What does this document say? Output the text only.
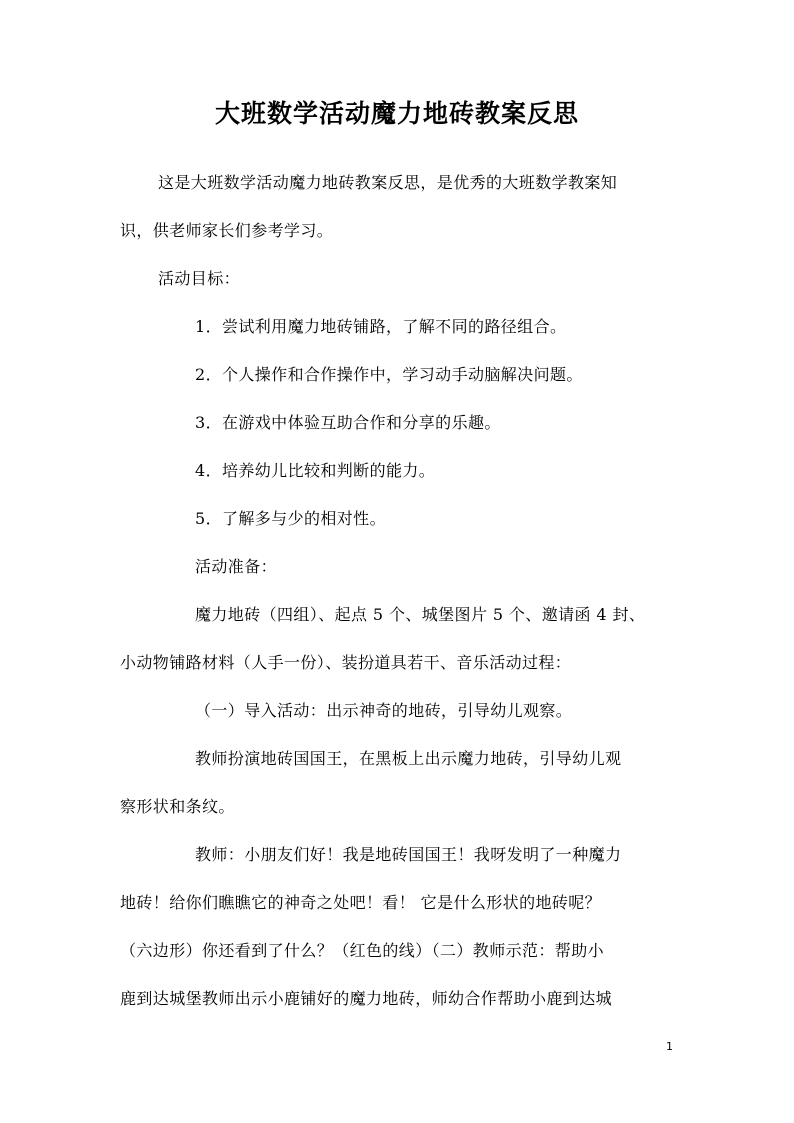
大班数学活动魔力地砖教案反思
这是大班数学活动魔力地砖教案反思，是优秀的大班数学教案知
识，供老师家长们参考学习。
活动目标：
1．尝试利用魔力地砖铺路，了解不同的路径组合。
2．个人操作和合作操作中，学习动手动脑解决问题。
3．在游戏中体验互助合作和分享的乐趣。
4．培养幼儿比较和判断的能力。
5．了解多与少的相对性。
活动准备：
魔力地砖（四组）、起点 5 个、城堡图片 5 个、邀请函 4 封、
小动物铺路材料（人手一份）、装扮道具若干、音乐活动过程：
（一）导入活动：出示神奇的地砖，引导幼儿观察。
教师扮演地砖国国王，在黑板上出示魔力地砖，引导幼儿观
察形状和条纹。
教师：小朋友们好！我是地砖国国王！我呀发明了一种魔力
地砖！给你们瞧瞧它的神奇之处吧！看！ 它是什么形状的地砖呢？
（六边形）你还看到了什么？（红色的线）（二）教师示范：帮助小
鹿到达城堡教师出示小鹿铺好的魔力地砖，师幼合作帮助小鹿到达城
1
